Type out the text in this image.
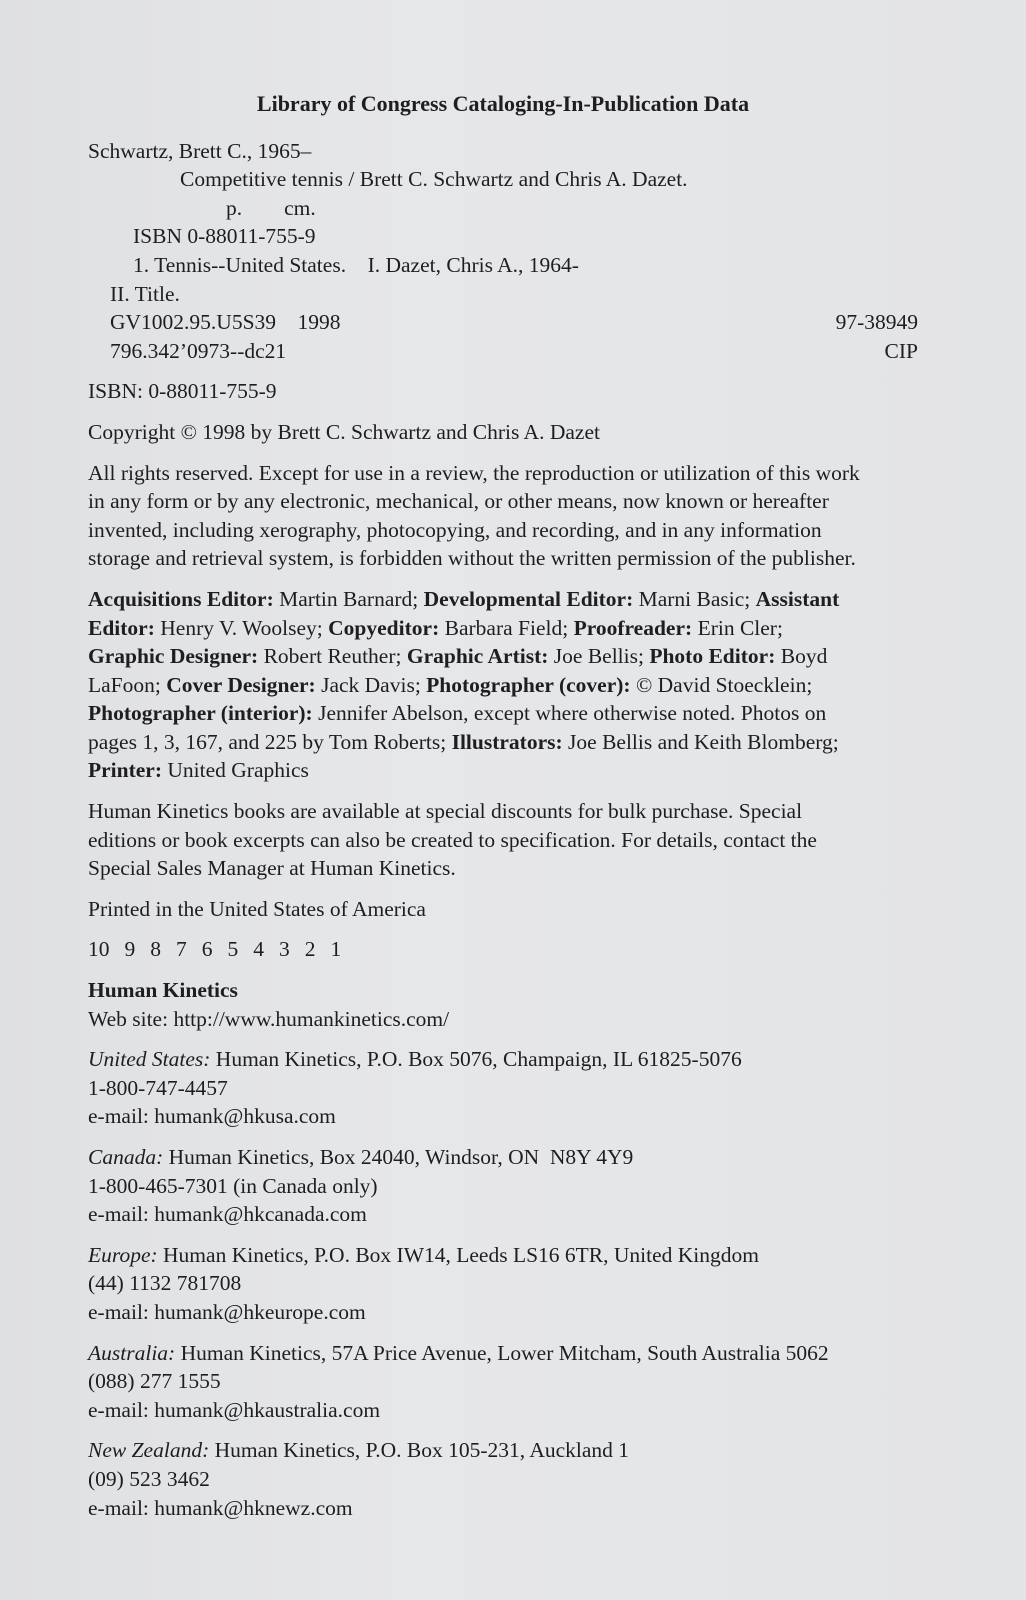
Library of Congress Cataloging-In-Publication Data

Schwartz, Brett C., 1965–

Competitive tennis / Brett C. Schwartz and Chris A. Dazet.

p. cm.

ISBN 0-88011-755-9

1. Tennis--United States.    I. Dazet, Chris A., 1964-

II. Title.

GV1002.95.U5S39    1998	97-38949
796.342’0973--dc21	CIP

ISBN: 0-88011-755-9

Copyright © 1998 by Brett C. Schwartz and Chris A. Dazet

All rights reserved. Except for use in a review, the reproduction or utilization of this work

in any form or by any electronic, mechanical, or other means, now known or hereafter

invented, including xerography, photocopying, and recording, and in any information

storage and retrieval system, is forbidden without the written permission of the publisher.

Acquisitions Editor: Martin Barnard; Developmental Editor: Marni Basic; Assistant

Editor: Henry V. Woolsey; Copyeditor: Barbara Field; Proofreader: Erin Cler;

Graphic Designer: Robert Reuther; Graphic Artist: Joe Bellis; Photo Editor: Boyd

LaFoon; Cover Designer: Jack Davis; Photographer (cover): © David Stoecklein;

Photographer (interior): Jennifer Abelson, except where otherwise noted. Photos on

pages 1, 3, 167, and 225 by Tom Roberts; Illustrators: Joe Bellis and Keith Blomberg;

Printer: United Graphics

Human Kinetics books are available at special discounts for bulk purchase. Special

editions or book excerpts can also be created to specification. For details, contact the

Special Sales Manager at Human Kinetics.

Printed in the United States of America

10 9 8 7 6 5 4 3 2 1

Human Kinetics

Web site: http://www.humankinetics.com/

United States: Human Kinetics, P.O. Box 5076, Champaign, IL 61825-5076

1-800-747-4457

e-mail: humank@hkusa.com

Canada: Human Kinetics, Box 24040, Windsor, ON  N8Y 4Y9

1-800-465-7301 (in Canada only)

e-mail: humank@hkcanada.com

Europe: Human Kinetics, P.O. Box IW14, Leeds LS16 6TR, United Kingdom

(44) 1132 781708

e-mail: humank@hkeurope.com

Australia: Human Kinetics, 57A Price Avenue, Lower Mitcham, South Australia 5062

(088) 277 1555

e-mail: humank@hkaustralia.com

New Zealand: Human Kinetics, P.O. Box 105-231, Auckland 1

(09) 523 3462

e-mail: humank@hknewz.com
